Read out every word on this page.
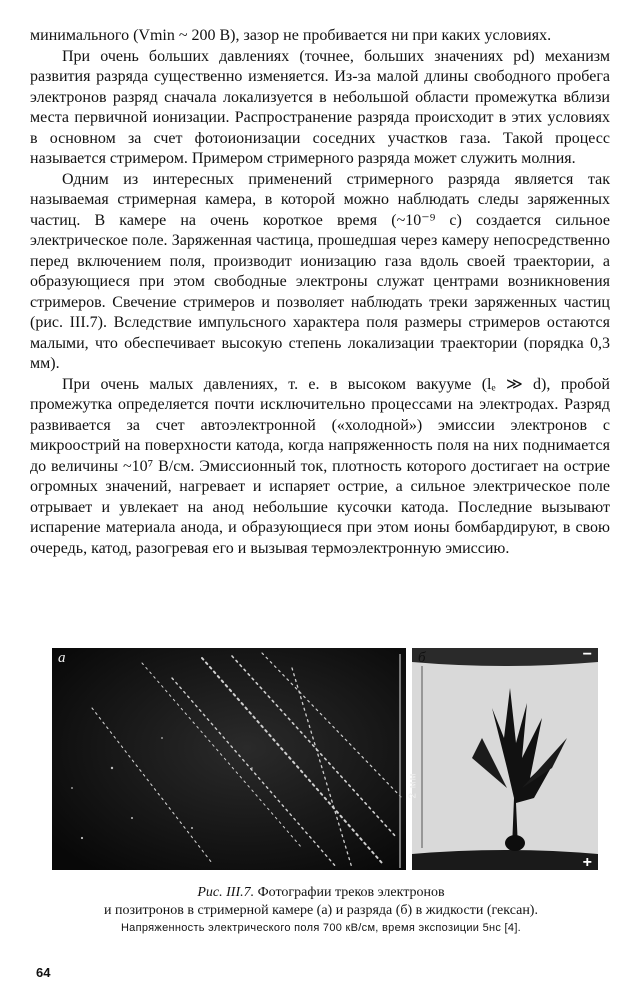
минимального (Vmin ~ 200 В), зазор не пробивается ни при каких условиях.

При очень больших давлениях (точнее, больших значениях pd) механизм развития разряда существенно изменяется. Из-за малой длины свободного пробега электронов разряд сначала локализуется в небольшой области промежутка вблизи места первичной ионизации. Распространение разряда происходит в этих условиях в основном за счет фотоионизации соседних участков газа. Такой процесс называется стримером. Примером стримерного разряда может служить молния.

Одним из интересных применений стримерного разряда является так называемая стримерная камера, в которой можно наблюдать следы заряженных частиц. В камере на очень короткое время (~10⁻⁹ с) создается сильное электрическое поле. Заряженная частица, прошедшая через камеру непосредственно перед включением поля, производит ионизацию газа вдоль своей траектории, а образующиеся при этом свободные электроны служат центрами возникновения стримеров. Свечение стримеров и позволяет наблюдать треки заряженных частиц (рис. III.7). Вследствие импульсного характера поля размеры стримеров остаются малыми, что обеспечивает высокую степень локализации траектории (порядка 0,3 мм).

При очень малых давлениях, т. е. в высоком вакууме (lₑ ≫ d), пробой промежутка определяется почти исключительно процессами на электродах. Разряд развивается за счет автоэлектронной («холодной») эмиссии электронов с микроострий на поверхности катода, когда напряженность поля на них поднимается до величины ~10⁷ В/см. Эмиссионный ток, плотность которого достигает на острие огромных значений, нагревает и испаряет острие, а сильное электрическое поле отрывает и увлекает на анод небольшие кусочки катода. Последние вызывают испарение материала анода, и образующиеся при этом ионы бомбардируют, в свою очередь, катод, разогревая его и вызывая термоэлектронную эмиссию.

а	б
2 мм
−
+
Рис. III.7. Фотографии треков электронов
и позитронов в стримерной камере (а) и разряда (б) в жидкости (гексан).
Напряженность электрического поля 700 кВ/см, время экспозиции 5нс [4].
64
